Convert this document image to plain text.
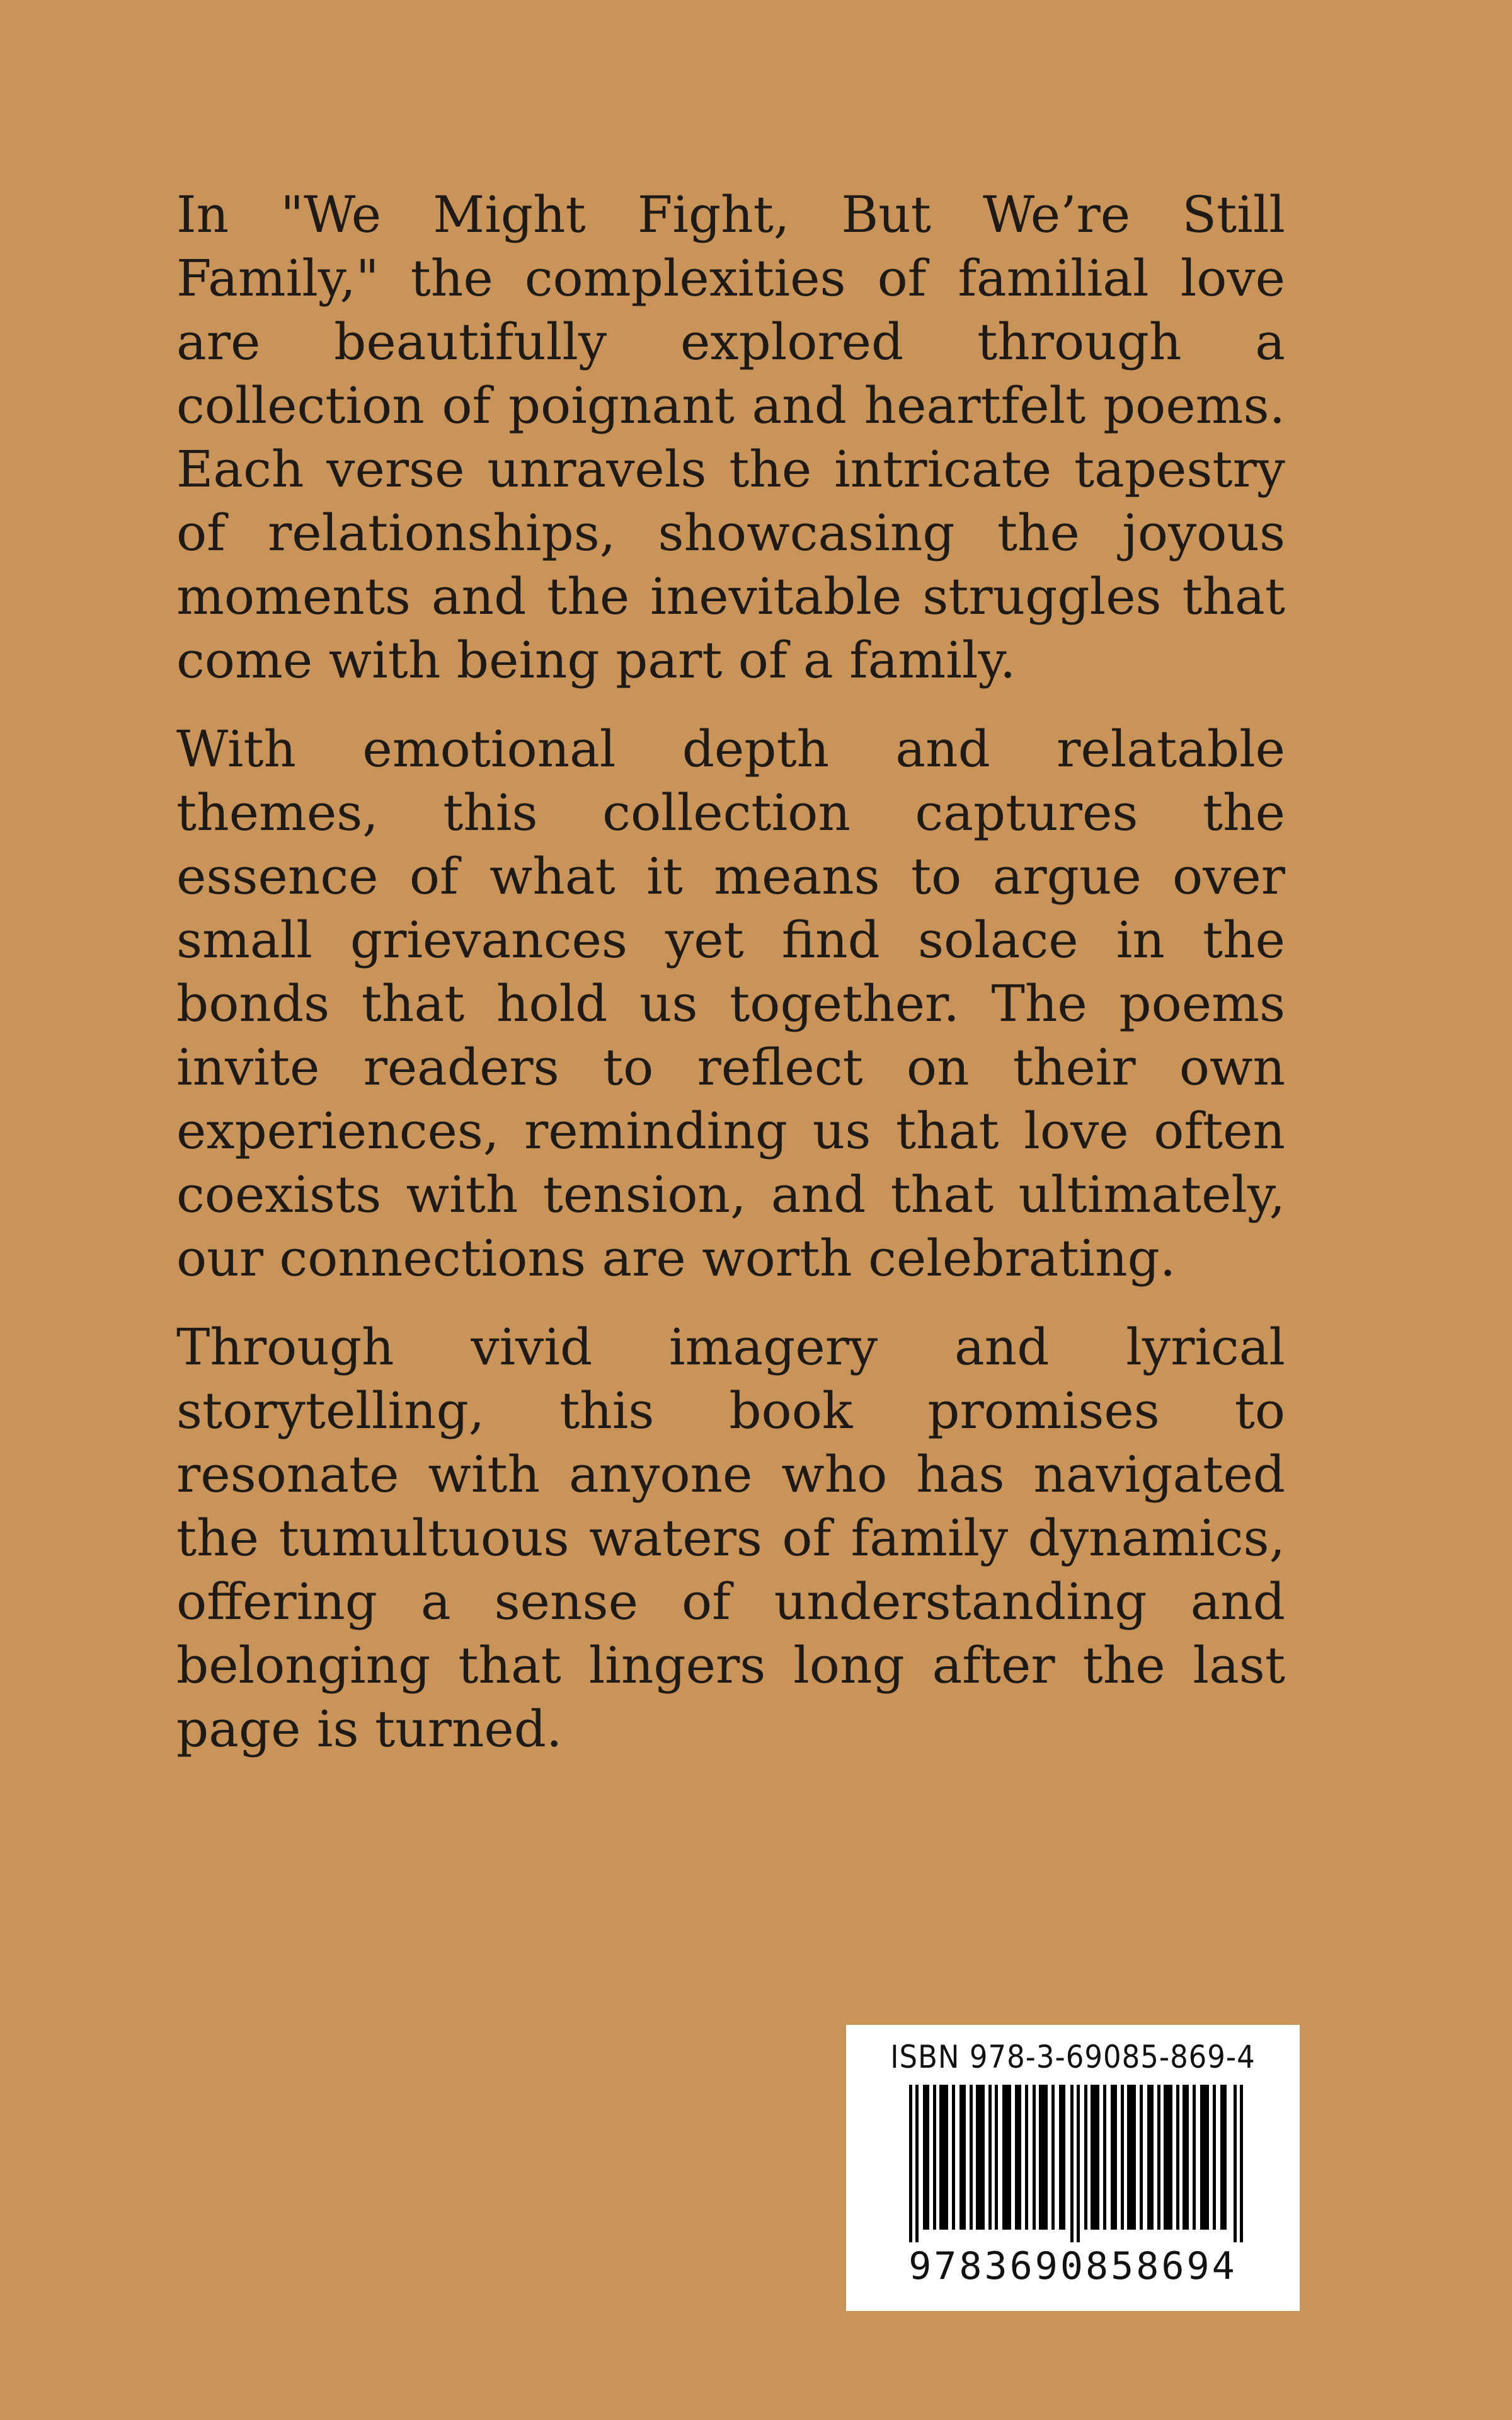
In "We Might Fight, But We’re Still Family," the complexities of familial love are beautifully explored through a collection of poignant and heartfelt poems. Each verse unravels the intricate tapestry of relationships, showcasing the joyous moments and the inevitable struggles that come with being part of a family.

With emotional depth and relatable themes, this collection captures the essence of what it means to argue over small grievances yet find solace in the bonds that hold us together. The poems invite readers to reflect on their own experiences, reminding us that love often coexists with tension, and that ultimately, our connections are worth celebrating.

Through vivid imagery and lyrical storytelling, this book promises to resonate with anyone who has navigated the tumultuous waters of family dynamics, offering a sense of understanding and belonging that lingers long after the last page is turned.

ISBN 978-3-69085-869-4
9783690858694
